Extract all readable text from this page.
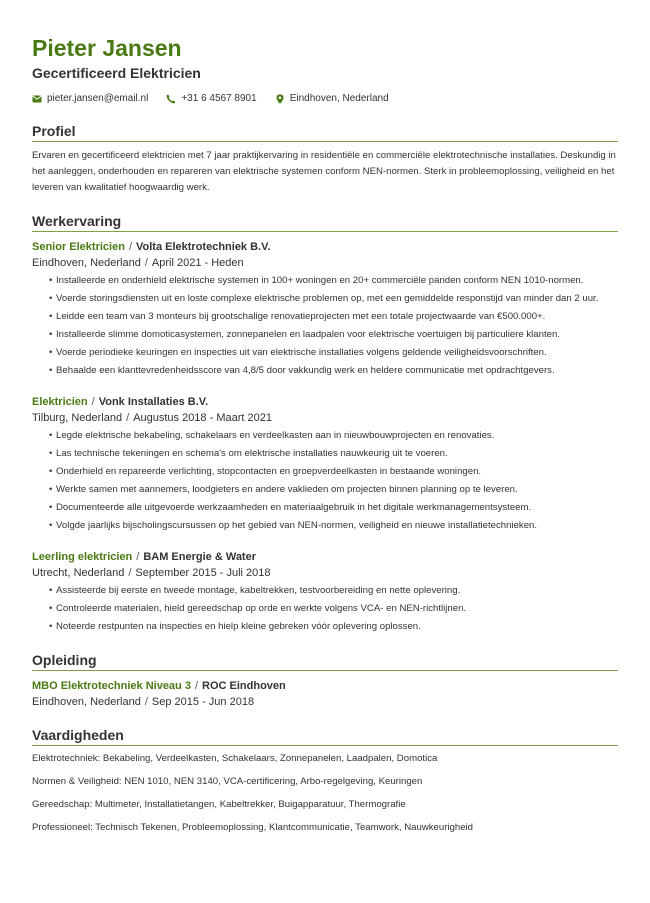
Pieter Jansen
Gecertificeerd Elektricien
pieter.jansen@email.nl	+31 6 4567 8901	Eindhoven, Nederland
Profiel
Ervaren en gecertificeerd elektricien met 7 jaar praktijkervaring in residentiële en commerciële elektrotechnische installaties. Deskundig in het aanleggen, onderhouden en repareren van elektrische systemen conform NEN-normen. Sterk in probleemoplossing, veiligheid en het leveren van kwalitatief hoogwaardig werk.
Werkervaring
Senior Elektricien / Volta Elektrotechniek B.V.
Eindhoven, Nederland / April 2021 - Heden
• Installeerde en onderhield elektrische systemen in 100+ woningen en 20+ commerciële panden conform NEN 1010-normen.
• Voerde storingsdiensten uit en loste complexe elektrische problemen op, met een gemiddelde responstijd van minder dan 2 uur.
• Leidde een team van 3 monteurs bij grootschalige renovatieprojecten met een totale projectwaarde van €500.000+.
• Installeerde slimme domoticasystemen, zonnepanelen en laadpalen voor elektrische voertuigen bij particuliere klanten.
• Voerde periodieke keuringen en inspecties uit van elektrische installaties volgens geldende veiligheidsvoorschriften.
• Behaalde een klanttevredenheidsscore van 4,8/5 door vakkundig werk en heldere communicatie met opdrachtgevers.
Elektricien / Vonk Installaties B.V.
Tilburg, Nederland / Augustus 2018 - Maart 2021
• Legde elektrische bekabeling, schakelaars en verdeelkasten aan in nieuwbouwprojecten en renovaties.
• Las technische tekeningen en schema's om elektrische installaties nauwkeurig uit te voeren.
• Onderhield en repareerde verlichting, stopcontacten en groepverdeelkasten in bestaande woningen.
• Werkte samen met aannemers, loodgieters en andere vaklieden om projecten binnen planning op te leveren.
• Documenteerde alle uitgevoerde werkzaamheden en materiaalgebruik in het digitale werkmanagementsysteem.
• Volgde jaarlijks bijscholingscursussen op het gebied van NEN-normen, veiligheid en nieuwe installatietechnieken.
Leerling elektricien / BAM Energie & Water
Utrecht, Nederland / September 2015 - Juli 2018
• Assisteerde bij eerste en tweede montage, kabeltrekken, testvoorbereiding en nette oplevering.
• Controleerde materialen, hield gereedschap op orde en werkte volgens VCA- en NEN-richtlijnen.
• Noteerde restpunten na inspecties en hielp kleine gebreken vóór oplevering oplossen.
Opleiding
MBO Elektrotechniek Niveau 3 / ROC Eindhoven
Eindhoven, Nederland / Sep 2015 - Jun 2018
Vaardigheden
Elektrotechniek: Bekabeling, Verdeelkasten, Schakelaars, Zonnepanelen, Laadpalen, Domotica
Normen & Veiligheid: NEN 1010, NEN 3140, VCA-certificering, Arbo-regelgeving, Keuringen
Gereedschap: Multimeter, Installatietangen, Kabeltrekker, Buigapparatuur, Thermografie
Professioneel: Technisch Tekenen, Probleemoplossing, Klantcommunicatie, Teamwork, Nauwkeurigheid
